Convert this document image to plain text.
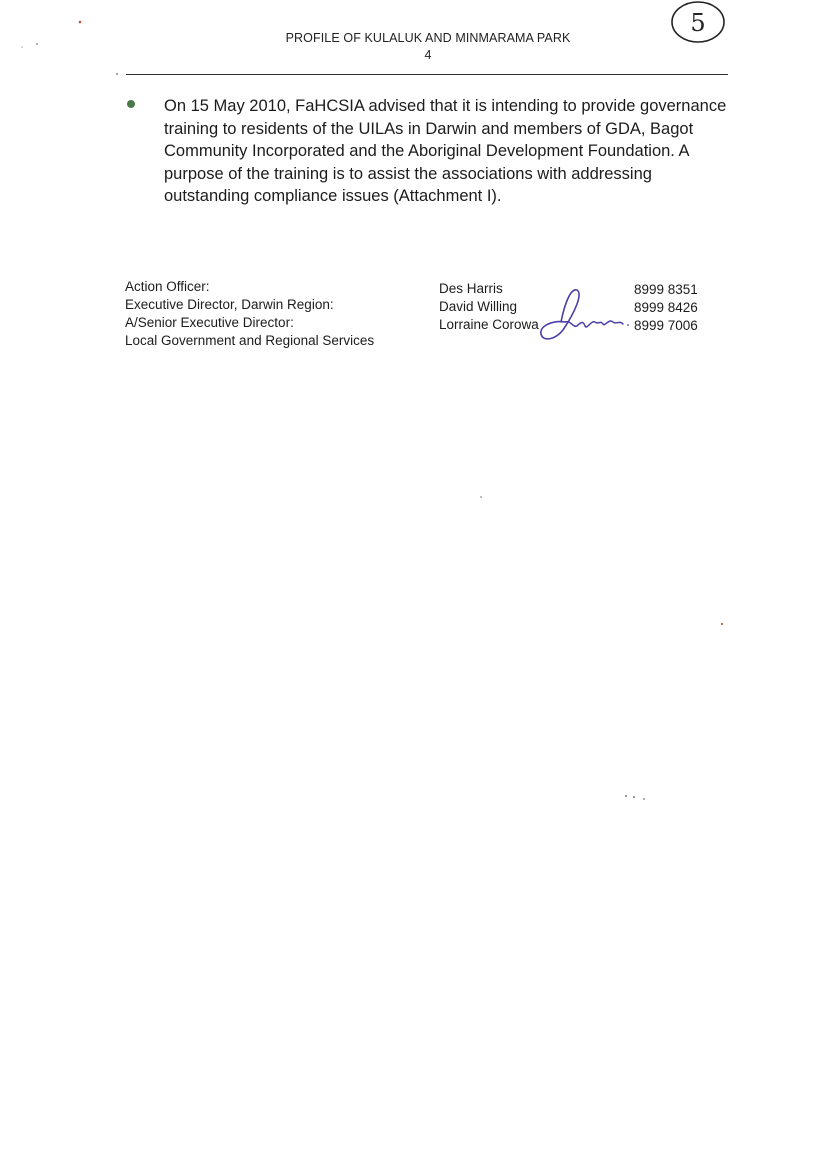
5
PROFILE OF KULALUK AND MINMARAMA PARK
4
On 15 May 2010, FaHCSIA advised that it is intending to provide governance training to residents of the UILAs in Darwin and members of GDA, Bagot Community Incorporated and the Aboriginal Development Foundation. A purpose of the training is to assist the associations with addressing outstanding compliance issues (Attachment I).
Action Officer:
Executive Director, Darwin Region:
A/Senior Executive Director:
Local Government and Regional Services
Des Harris
David Willing
Lorraine Corowa
8999 8351
8999 8426
8999 7006
